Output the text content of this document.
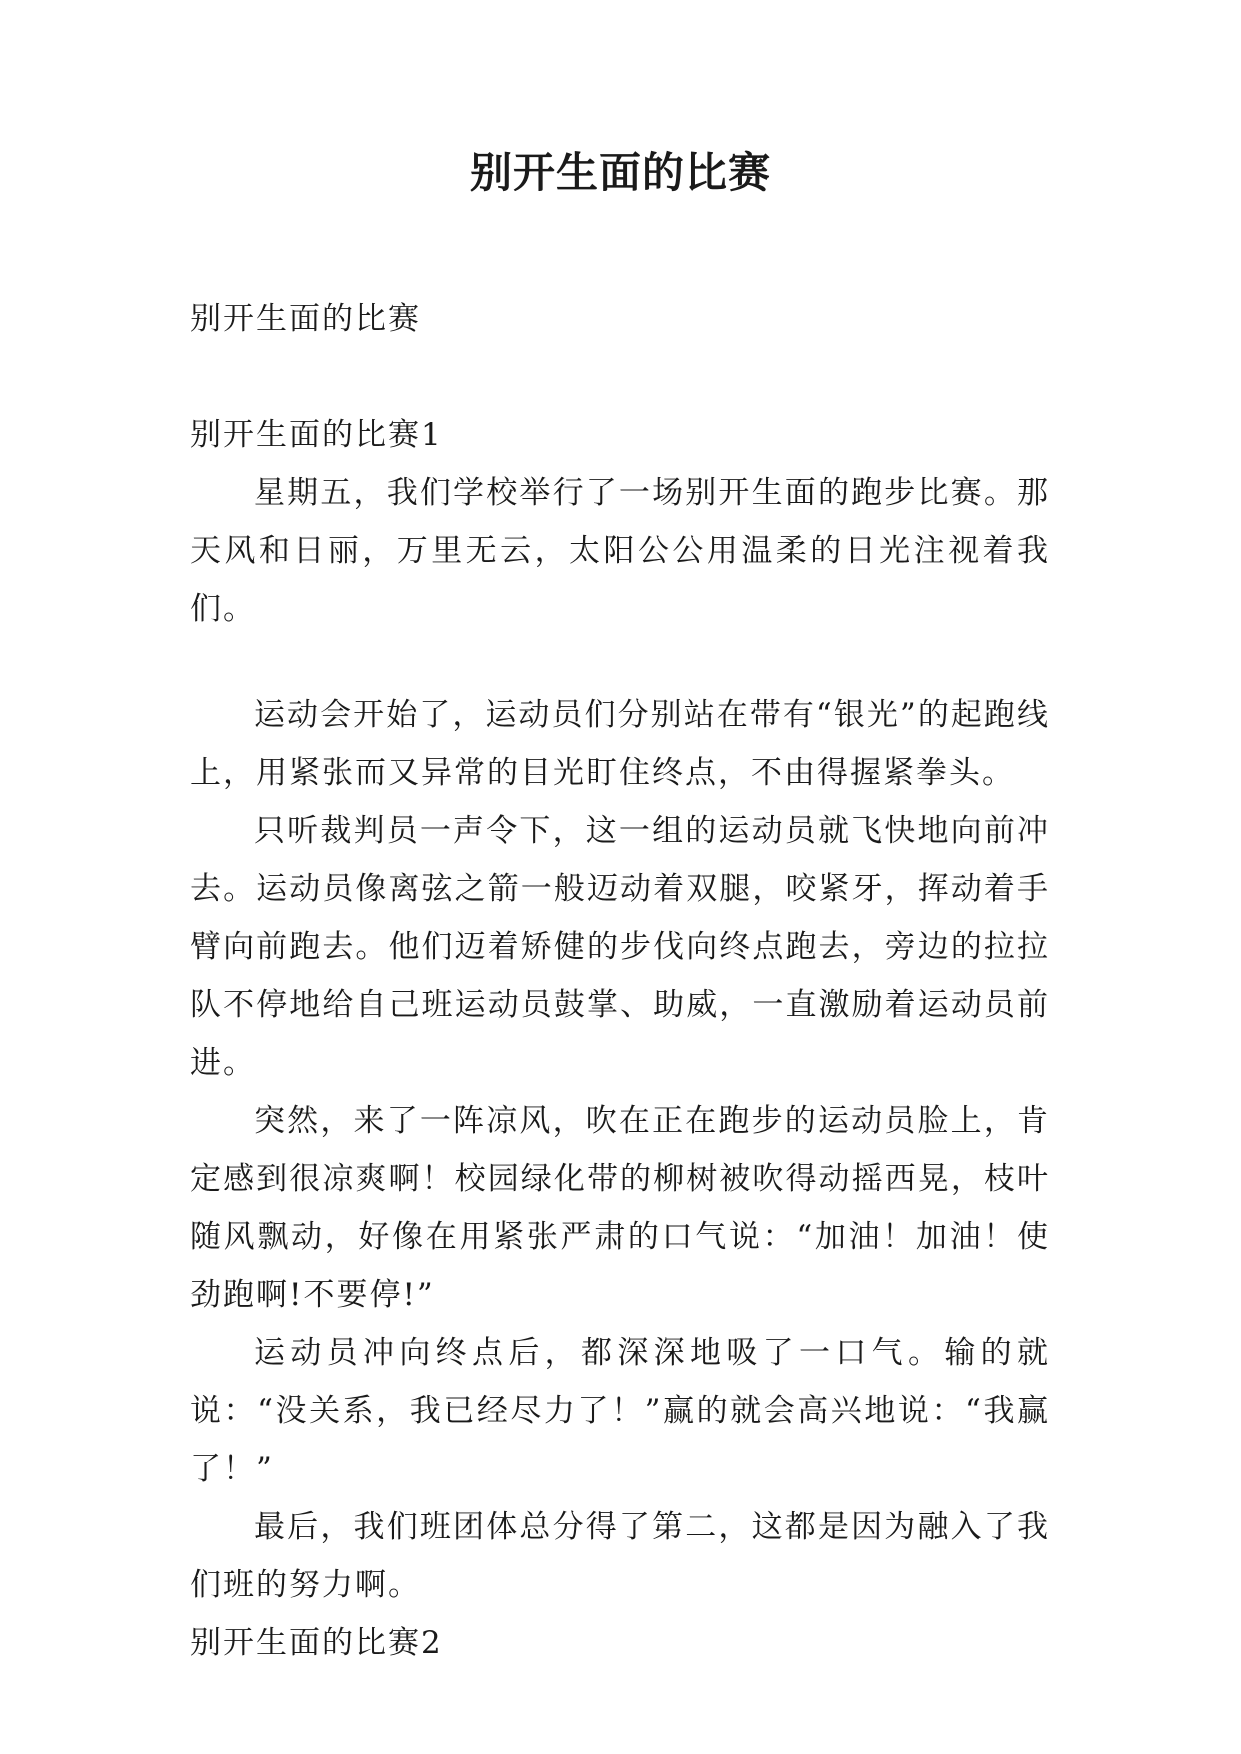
别开生面的比赛

别开生面的比赛

别开生面的比赛1

星期五，我们学校举行了一场别开生面的跑步比赛。那天风和日丽，万里无云，太阳公公用温柔的日光注视着我们。

运动会开始了，运动员们分别站在带有“银光”的起跑线上，用紧张而又异常的目光盯住终点，不由得握紧拳头。

只听裁判员一声令下，这一组的运动员就飞快地向前冲去。运动员像离弦之箭一般迈动着双腿，咬紧牙，挥动着手臂向前跑去。他们迈着矫健的步伐向终点跑去，旁边的拉拉队不停地给自己班运动员鼓掌、助威，一直激励着运动员前进。

突然，来了一阵凉风，吹在正在跑步的运动员脸上，肯定感到很凉爽啊！校园绿化带的柳树被吹得动摇西晃，枝叶随风飘动，好像在用紧张严肃的口气说：“加油！加油！使劲跑啊!不要停!”

运动员冲向终点后，都深深地吸了一口气。输的就说：“没关系，我已经尽力了！”赢的就会高兴地说：“我赢了！”

最后，我们班团体总分得了第二，这都是因为融入了我们班的努力啊。

别开生面的比赛2
